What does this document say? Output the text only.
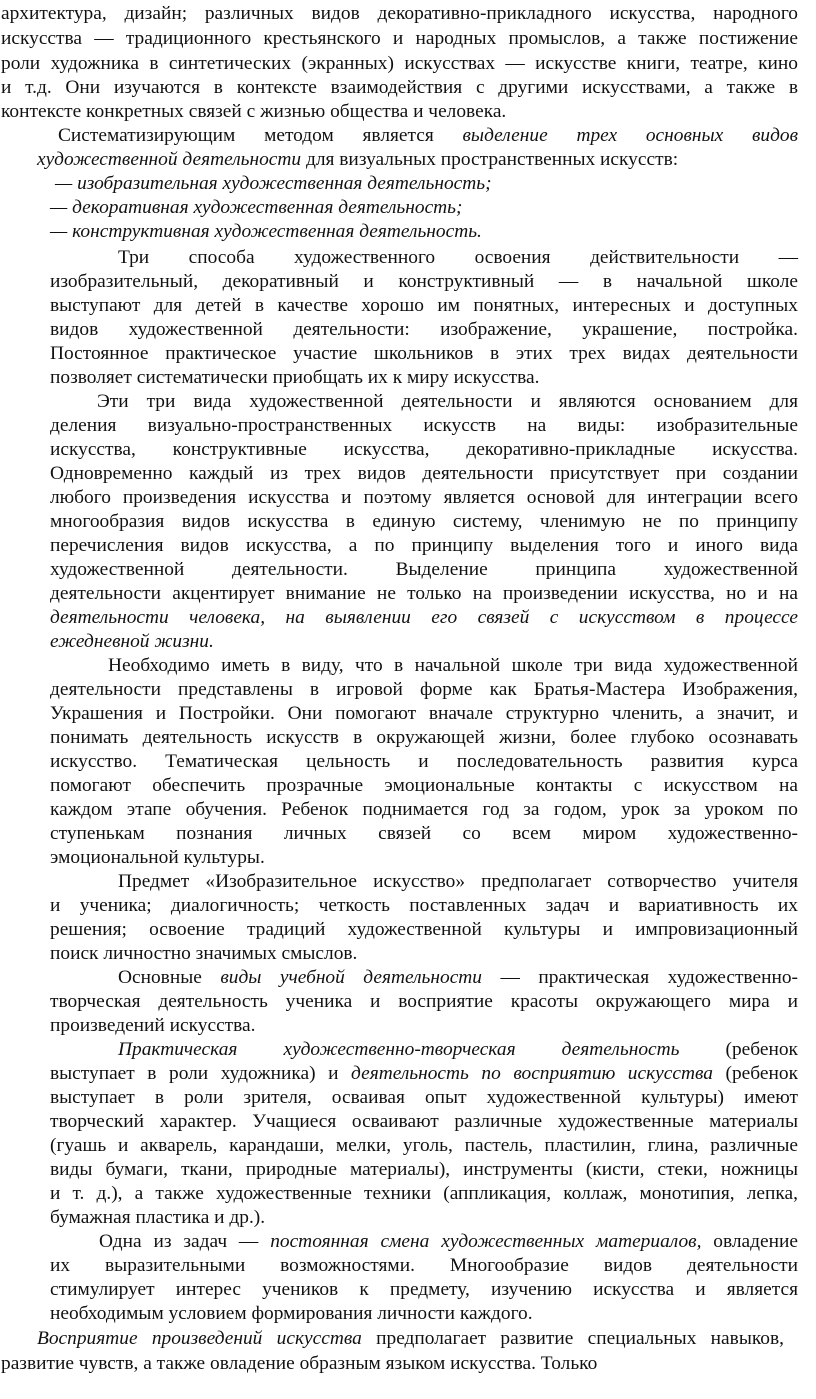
архитектура, дизайн; различных видов декоративно-прикладного искусства, народного
искусства — традиционного крестьянского и народных промыслов, а также постижение
роли художника в синтетических (экранных) искусствах — искусстве книги, театре, кино
и т.д. Они изучаются в контексте взаимодействия с другими искусствами, а также в
контексте конкретных связей с жизнью общества и человека.
Систематизирующим методом является выделение трех основных видов
художественной деятельности для визуальных пространственных искусств:
— изобразительная художественная деятельность;
— декоративная художественная деятельность;
— конструктивная художественная деятельность.
Три способа художественного освоения действительности —
изобразительный, декоративный и конструктивный — в начальной школе
выступают для детей в качестве хорошо им понятных, интересных и доступных
видов художественной деятельности: изображение, украшение, постройка.
Постоянное практическое участие школьников в этих трех видах деятельности
позволяет систематически приобщать их к миру искусства.
Эти три вида художественной деятельности и являются основанием для
деления визуально-пространственных искусств на виды: изобразительные
искусства, конструктивные искусства, декоративно-прикладные искусства.
Одновременно каждый из трех видов деятельности присутствует при создании
любого произведения искусства и поэтому является основой для интеграции всего
многообразия видов искусства в единую систему, членимую не по принципу
перечисления видов искусства, а по принципу выделения того и иного вида
художественной деятельности. Выделение принципа художественной
деятельности акцентирует внимание не только на произведении искусства, но и на
деятельности человека, на выявлении его связей с искусством в процессе
ежедневной жизни.
Необходимо иметь в виду, что в начальной школе три вида художественной
деятельности представлены в игровой форме как Братья-Мастера Изображения,
Украшения и Постройки. Они помогают вначале структурно членить, а значит, и
понимать деятельность искусств в окружающей жизни, более глубоко осознавать
искусство. Тематическая цельность и последовательность развития курса
помогают обеспечить прозрачные эмоциональные контакты с искусством на
каждом этапе обучения. Ребенок поднимается год за годом, урок за уроком по
ступенькам познания личных связей со всем миром художественно-
эмоциональной культуры.
Предмет «Изобразительное искусство» предполагает сотворчество учителя
и ученика; диалогичность; четкость поставленных задач и вариативность их
решения; освоение традиций художественной культуры и импровизационный
поиск личностно значимых смыслов.
Основные виды учебной деятельности — практическая художественно-
творческая деятельность ученика и восприятие красоты окружающего мира и
произведений искусства.
Практическая художественно-творческая деятельность (ребенок
выступает в роли художника) и деятельность по восприятию искусства (ребенок
выступает в роли зрителя, осваивая опыт художественной культуры) имеют
творческий характер. Учащиеся осваивают различные художественные материалы
(гуашь и акварель, карандаши, мелки, уголь, пастель, пластилин, глина, различные
виды бумаги, ткани, природные материалы), инструменты (кисти, стеки, ножницы
и т. д.), а также художественные техники (аппликация, коллаж, монотипия, лепка,
бумажная пластика и др.).
Одна из задач — постоянная смена художественных материалов, овладение
их выразительными возможностями. Многообразие видов деятельности
стимулирует интерес учеников к предмету, изучению искусства и является
необходимым условием формирования личности каждого.
Восприятие произведений искусства предполагает развитие специальных навыков,
развитие чувств, а также овладение образным языком искусства. Только
